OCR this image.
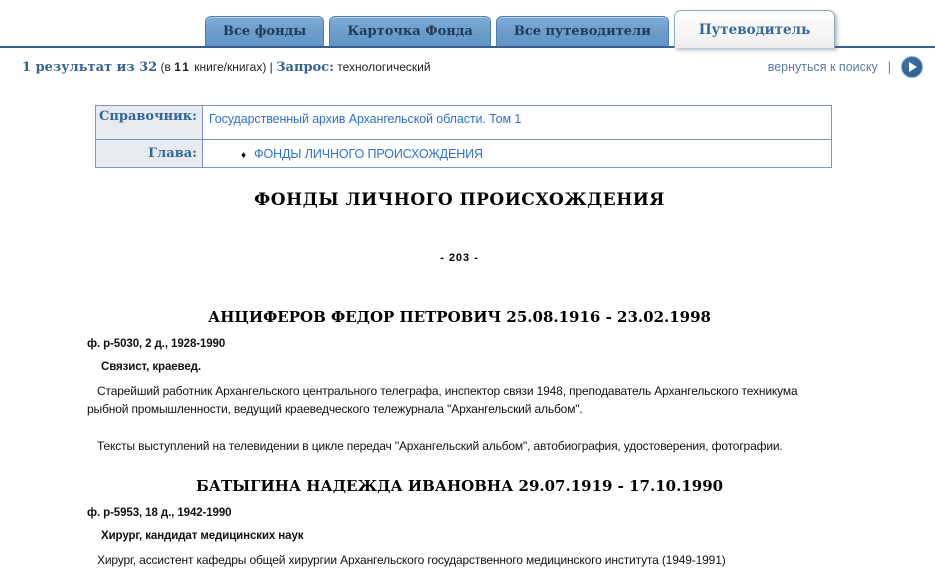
Все фонды	Карточка Фонда	Все путеводители	Путеводитель
1 результат из 32 (в 11 книге/книгах) | Запрос: технологический	вернуться к поиску |
Справочник:	Государственный архив Архангельской области. Том 1
Глава:	♦ ФОНДЫ ЛИЧНОГО ПРОИСХОЖДЕНИЯ
ФОНДЫ ЛИЧНОГО ПРОИСХОЖДЕНИЯ
- 203 -
АНЦИФЕРОВ ФЕДОР ПЕТРОВИЧ 25.08.1916 - 23.02.1998
ф. р-5030, 2 д., 1928-1990
Связист, краевед.
Старейший работник Архангельского центрального телеграфа, инспектор связи 1948, преподаватель Архангельского техникума рыбной промышленности, ведущий краеведческого тележурнала "Архангельский альбом".
Тексты выступлений на телевидении в цикле передач "Архангельский альбом", автобиография, удостоверения, фотографии.
БАТЫГИНА НАДЕЖДА ИВАНОВНА 29.07.1919 - 17.10.1990
ф. р-5953, 18 д., 1942-1990
Хирург, кандидат медицинских наук
Хирург, ассистент кафедры общей хирургии Архангельского государственного медицинского института (1949-1991)
